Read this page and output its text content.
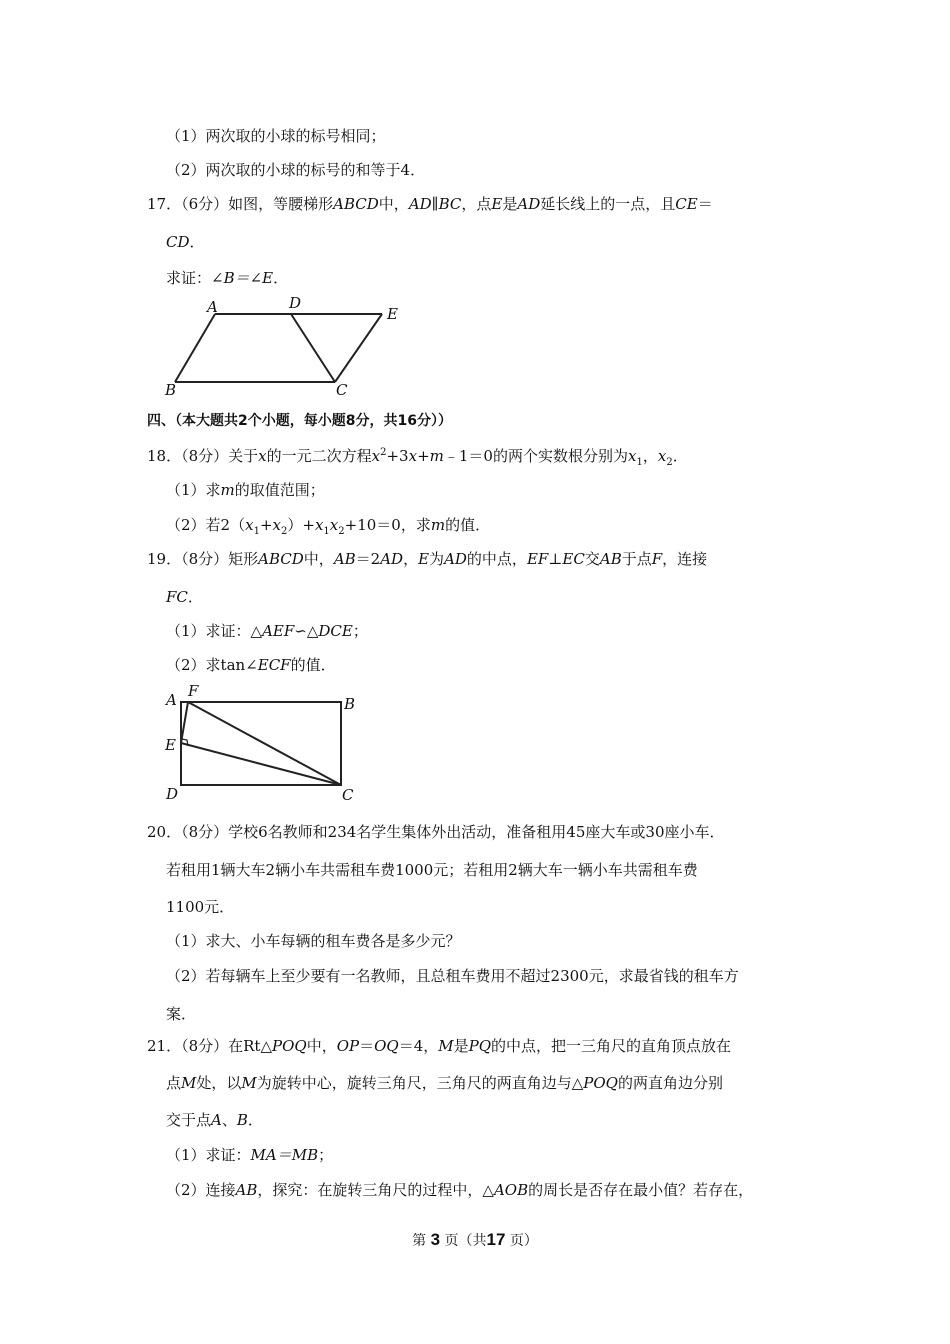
（1）两次取的小球的标号相同；
（2）两次取的小球的标号的和等于4．
17．（6分）如图，等腰梯形ABCD中，AD∥BC，点E是AD延长线上的一点，且CE＝
CD．
求证：∠B＝∠E．
A
B	C
D
E
四、（本大题共2个小题，每小题8分，共16分））
18．（8分）关于x的一元二次方程$x^2+3x+m﹣1=0$的两个实数根分别为$x_1$，$x_2$．
（1）求m的取值范围；
（2）若$2(x_1+x_2)+x_1x_2+10=0$，求m的值．
19．（8分）矩形ABCD中，AB＝2AD，E为AD的中点，EF⊥EC交AB于点F，连接
FC．
（1）求证：△AEF∽△DCE；
（2）求tan∠ECF的值．
A F
B
E
D	C
20．（8分）学校6名教师和234名学生集体外出活动，准备租用45座大车或30座小车．
若租用1辆大车2辆小车共需租车费1000元；若租用2辆大车一辆小车共需租车费
1100元．
（1）求大、小车每辆的租车费各是多少元？
（2）若每辆车上至少要有一名教师，且总租车费用不超过2300元，求最省钱的租车方
案．
21．（8分）在Rt△POQ中，OP＝OQ＝4，M是PQ的中点，把一三角尺的直角顶点放在
点M处，以M为旋转中心，旋转三角尺，三角尺的两直角边与△POQ的两直角边分别
交于点A、B．
（1）求证：MA＝MB；
（2）连接AB，探究：在旋转三角尺的过程中，△AOB的周长是否存在最小值？若存在，
第 3 页（共17 页）
